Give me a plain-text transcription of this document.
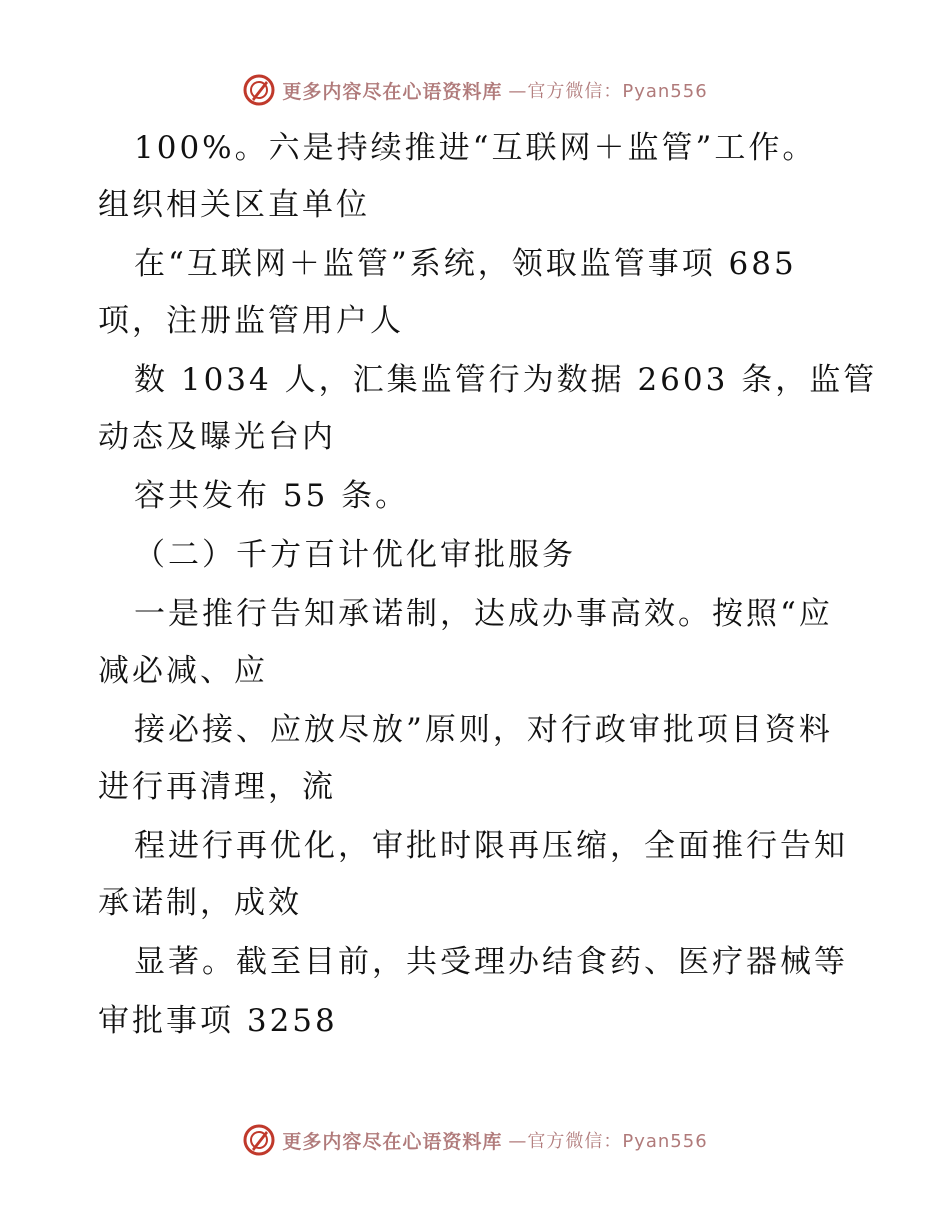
更多内容尽在心语资料库 —官方微信：Pyan556
100%。六是持续推进“互联网＋监管”工作。
组织相关区直单位
在“互联网＋监管”系统，领取监管事项 685
项，注册监管用户人
数 1034 人，汇集监管行为数据 2603 条，监管
动态及曝光台内
容共发布 55 条。
（二）千方百计优化审批服务
一是推行告知承诺制，达成办事高效。按照“应
减必减、应
接必接、应放尽放”原则，对行政审批项目资料
进行再清理，流
程进行再优化，审批时限再压缩，全面推行告知
承诺制，成效
显著。截至目前，共受理办结食药、医疗器械等
审批事项 3258
更多内容尽在心语资料库 —官方微信：Pyan556
